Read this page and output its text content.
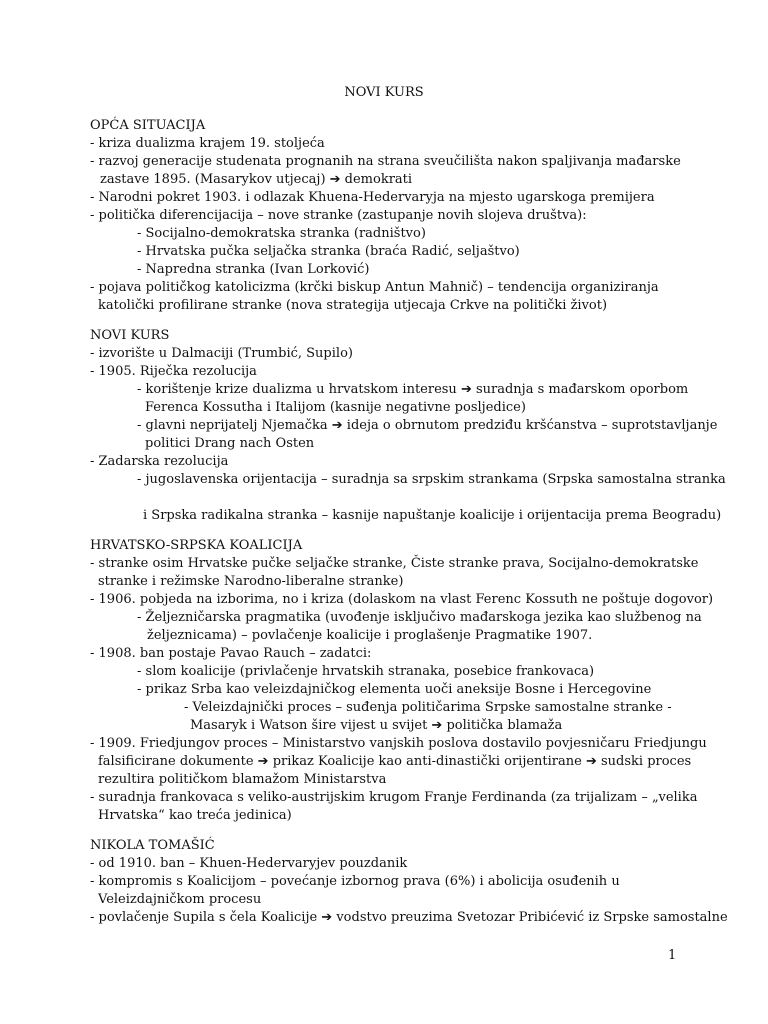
NOVI KURS
OPĆA SITUACIJA
- kriza dualizma krajem 19. stoljeća
- razvoj generacije studenata prognanih na strana sveučilišta nakon spaljivanja mađarske
zastave 1895. (Masarykov utjecaj) ➔ demokrati
- Narodni pokret 1903. i odlazak Khuena-Hedervaryja na mjesto ugarskoga premijera
- politička diferencijacija – nove stranke (zastupanje novih slojeva društva):
- Socijalno-demokratska stranka (radništvo)
- Hrvatska pučka seljačka stranka (braća Radić, seljaštvo)
- Napredna stranka (Ivan Lorković)
- pojava političkog katolicizma (krčki biskup Antun Mahnič) – tendencija organiziranja
katolički profilirane stranke (nova strategija utjecaja Crkve na politički život)
NOVI KURS
- izvorište u Dalmaciji (Trumbić, Supilo)
- 1905. Riječka rezolucija
- korištenje krize dualizma u hrvatskom interesu ➔ suradnja s mađarskom oporbom
Ferenca Kossutha i Italijom (kasnije negativne posljedice)
- glavni neprijatelj Njemačka ➔ ideja o obrnutom predziđu kršćanstva – suprotstavljanje
politici Drang nach Osten
- Zadarska rezolucija
- jugoslavenska orijentacija – suradnja sa srpskim strankama (Srpska samostalna stranka
i Srpska radikalna stranka – kasnije napuštanje koalicije i orijentacija prema Beogradu)
HRVATSKO-SRPSKA KOALICIJA
- stranke osim Hrvatske pučke seljačke stranke, Čiste stranke prava, Socijalno-demokratske
stranke i režimske Narodno-liberalne stranke)
- 1906. pobjeda na izborima, no i kriza (dolaskom na vlast Ferenc Kossuth ne poštuje dogovor)
- Željezničarska pragmatika (uvođenje isključivo mađarskoga jezika kao službenog na
željeznicama) – povlačenje koalicije i proglašenje Pragmatike 1907.
- 1908. ban postaje Pavao Rauch – zadatci:
- slom koalicije (privlačenje hrvatskih stranaka, posebice frankovaca)
- prikaz Srba kao veleizdajničkog elementa uoči aneksije Bosne i Hercegovine
- Veleizdajnički proces – suđenja političarima Srpske samostalne stranke -
Masaryk i Watson šire vijest u svijet ➔ politička blamaža
- 1909. Friedjungov proces – Ministarstvo vanjskih poslova dostavilo povjesničaru Friedjungu
falsificirane dokumente ➔ prikaz Koalicije kao anti-dinastički orijentirane ➔ sudski proces
rezultira političkom blamažom Ministarstva
- suradnja frankovaca s veliko-austrijskim krugom Franje Ferdinanda (za trijalizam – „velika
Hrvatska“ kao treća jedinica)
NIKOLA TOMAŠIĆ
- od 1910. ban – Khuen-Hedervaryjev pouzdanik
- kompromis s Koalicijom – povećanje izbornog prava (6%) i abolicija osuđenih u
Veleizdajničkom procesu
- povlačenje Supila s čela Koalicije ➔ vodstvo preuzima Svetozar Pribićević iz Srpske samostalne
1
